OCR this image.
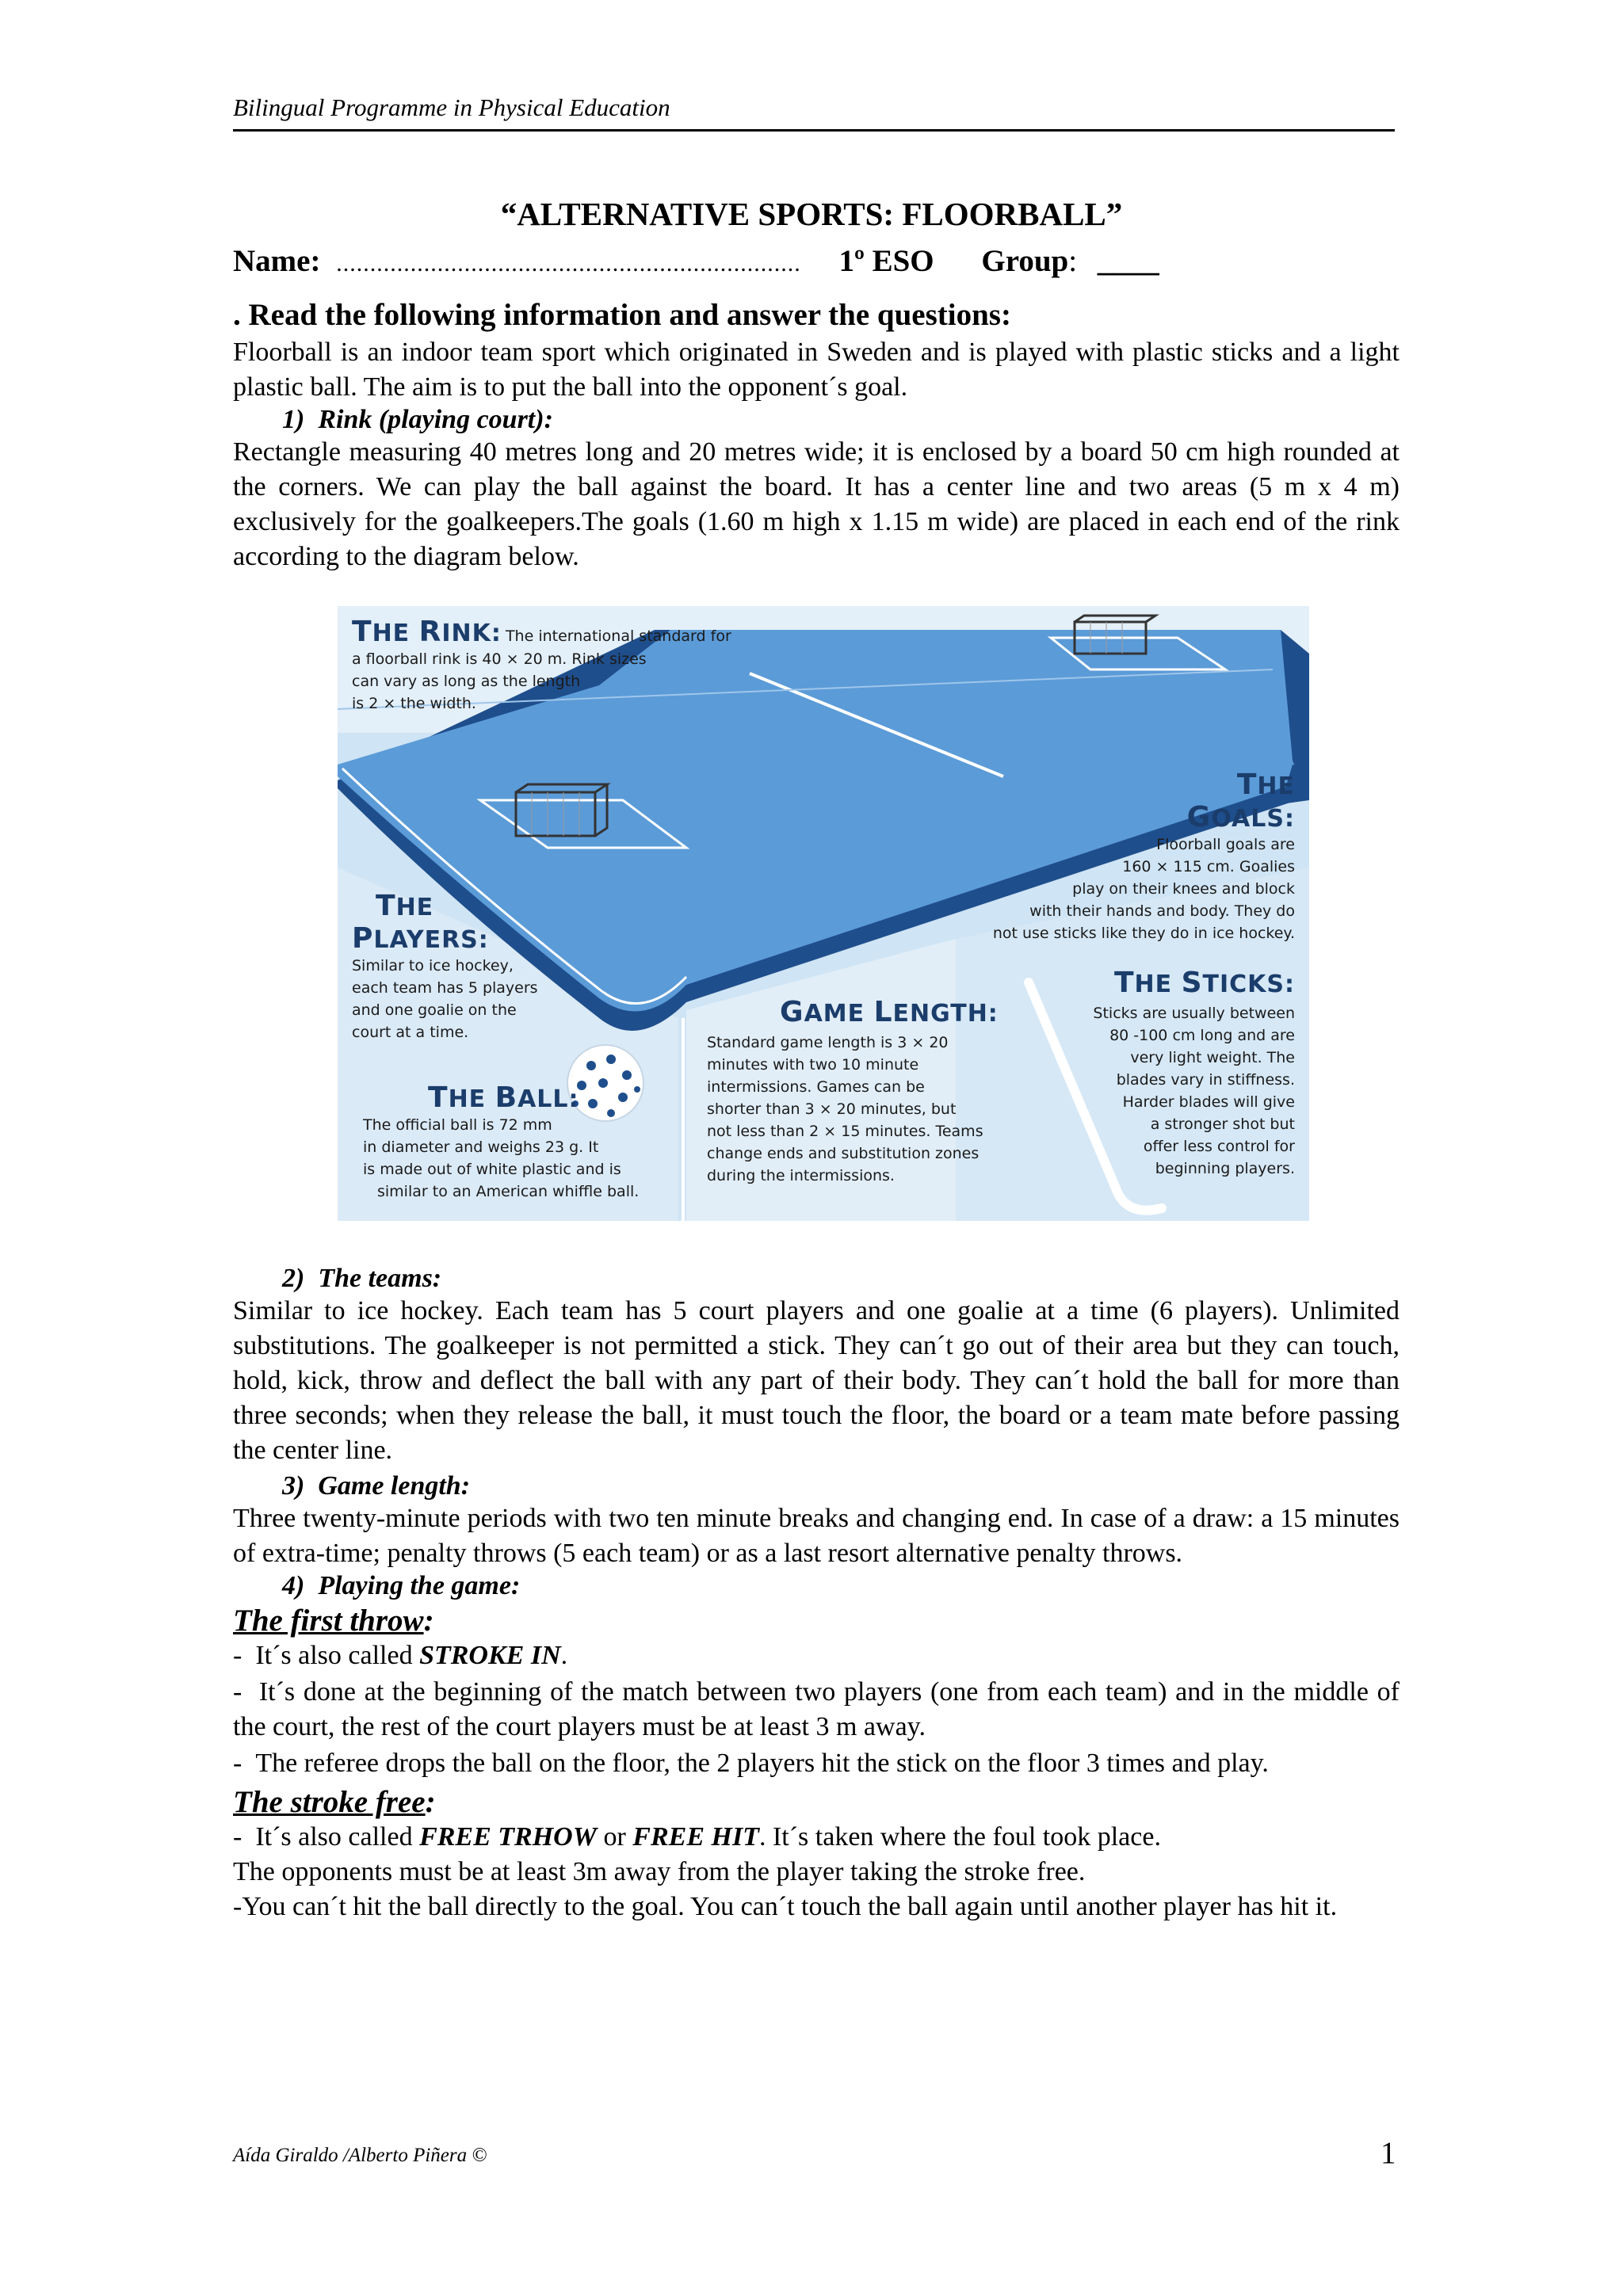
Bilingual Programme in Physical Education
“ALTERNATIVE SPORTS: FLOORBALL”
Name: ..................................................................... 1º ESO Group: ____
. Read the following information and answer the questions:
Floorball is an indoor team sport which originated in Sweden and is played with plastic sticks and a light plastic ball. The aim is to put the ball into the opponent´s goal.
1)  Rink (playing court):
Rectangle measuring 40 metres long and 20 metres wide; it is enclosed by a board 50 cm high rounded at the corners. We can play the ball against the board. It has a center line and two areas (5 m x 4 m) exclusively for the goalkeepers.The goals (1.60 m high x 1.15 m wide) are placed in each end of the rink according to the diagram below.
THE RINK: The international standard for
a floorball rink is 40 × 20 m. Rink sizes
can vary as long as the length
is 2 × the width.
THE
GOALS:
Floorball goals are
160 × 115 cm. Goalies
play on their knees and block
with their hands and body. They do
not use sticks like they do in ice hockey.
THE
PLAYERS:
Similar to ice hockey,
each team has 5 players
and one goalie on the
court at a time.
GAME LENGTH:
Standard game length is 3 × 20
minutes with two 10 minute
intermissions. Games can be
shorter than 3 × 20 minutes, but
not less than 2 × 15 minutes. Teams
change ends and substitution zones
during the intermissions.
THE STICKS:
Sticks are usually between
80 -100 cm long and are
very light weight. The
blades vary in stiffness.
Harder blades will give
a stronger shot but
offer less control for
beginning players.
THE BALL:
The official ball is 72 mm
in diameter and weighs 23 g. It
is made out of white plastic and is
similar to an American whiffle ball.
2)  The teams:
Similar to ice hockey. Each team has 5 court players and one goalie at a time (6 players). Unlimited substitutions. The goalkeeper is not permitted a stick. They can´t go out of their area but they can touch, hold, kick, throw and deflect the ball with any part of their body. They can´t hold the ball for more than three seconds; when they release the ball, it must touch the floor, the board or a team mate before passing the center line.
3)  Game length:
Three twenty-minute periods with two ten minute breaks and changing end. In case of a draw: a 15 minutes of extra-time; penalty throws (5 each team) or as a last resort alternative penalty throws.
4)  Playing the game:
The first throw:
-  It´s also called STROKE IN.
-  It´s done at the beginning of the match between two players (one from each team) and in the middle of the court, the rest of the court players must be at least 3 m away.
-  The referee drops the ball on the floor, the 2 players hit the stick on the floor 3 times and play.
The stroke free:
-  It´s also called FREE TRHOW or FREE HIT. It´s taken where the foul took place.
The opponents must be at least 3m away from the player taking the stroke free.
-You can´t hit the ball directly to the goal. You can´t touch the ball again until another player has hit it.
Aída Giraldo /Alberto Piñera ©	1
